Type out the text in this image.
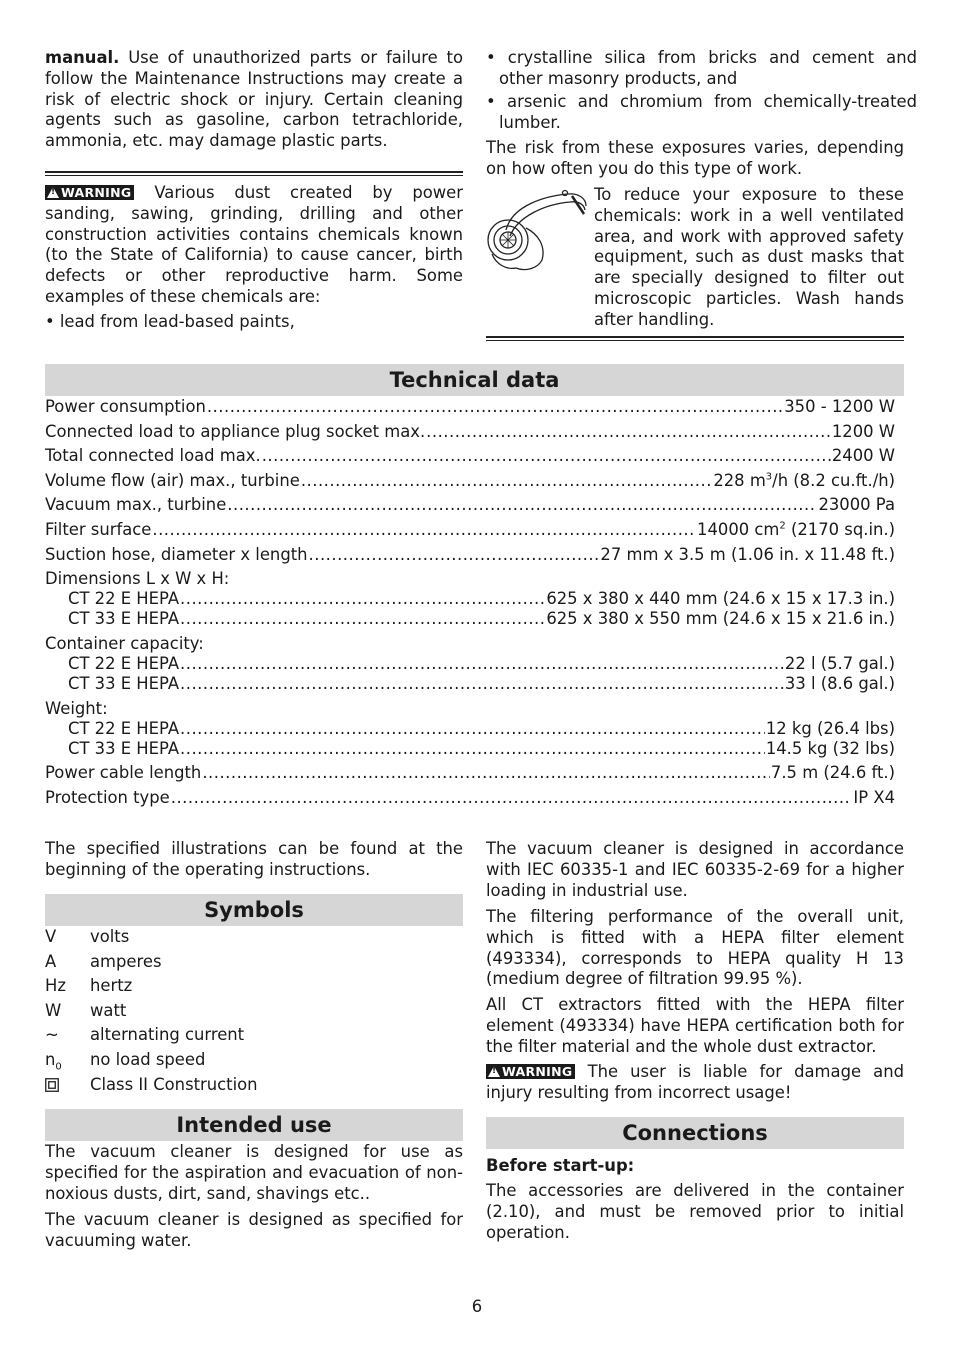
manual. Use of unauthorized parts or failure to follow the Maintenance Instructions may create a risk of electric shock or injury. Certain cleaning agents such as gasoline, carbon tetrachloride, ammonia, etc. may damage plastic parts.
!WARNING Various dust created by power sanding, sawing, grinding, drilling and other construction activities contains chemicals known (to the State of California) to cause cancer, birth defects or other reproductive harm. Some examples of these chemicals are:
• lead from lead-based paints,
• crystalline silica from bricks and cement and other masonry products, and
• arsenic and chromium from chemically-treated lumber.
The risk from these exposures varies, depending on how often you do this type of work.
To reduce your exposure to these chemicals: work in a well ventilated area, and work with approved safety equipment, such as dust masks that are specially designed to filter out microscopic particles. Wash hands after handling.
Technical data
Power consumption .....	350 - 1200 W
Connected load to appliance plug socket max. .....	1200 W
Total connected load max. .....	2400 W
Volume flow (air) max., turbine .....	228 $m^3/h$ (8.2 cu.ft./h)
Vacuum max., turbine .....	23000 Pa
Filter surface .....	14000 $cm^2$ (2170 sq.in.)
Suction hose, diameter x length .....	27 mm x 3.5 m (1.06 in. x 11.48 ft.)
Dimensions L x W x H:
CT 22 E HEPA .....	625 x 380 x 440 mm (24.6 x 15 x 17.3 in.)
CT 33 E HEPA .....	625 x 380 x 550 mm (24.6 x 15 x 21.6 in.)
Container capacity:
CT 22 E HEPA .....	22 l (5.7 gal.)
CT 33 E HEPA .....	33 l (8.6 gal.)
Weight:
CT 22 E HEPA .....	12 kg (26.4 lbs)
CT 33 E HEPA .....	14.5 kg (32 lbs)
Power cable length .....	7.5 m (24.6 ft.)
Protection type .....	IP X4
The specified illustrations can be found at the beginning of the operating instructions.
Symbols
V	volts
A	amperes
Hz	hertz
W	watt
~	alternating current
$n_0$	no load speed
Class II Construction
Intended use
The vacuum cleaner is designed for use as specified for the aspiration and evacuation of non-noxious dusts, dirt, sand, shavings etc..
The vacuum cleaner is designed as specified for vacuuming water.
The vacuum cleaner is designed in accordance with IEC 60335-1 and IEC 60335-2-69 for a higher loading in industrial use.
The filtering performance of the overall unit, which is fitted with a HEPA filter element (493334), corresponds to HEPA quality H 13 (medium degree of filtration 99.95 %).
All CT extractors fitted with the HEPA filter element (493334) have HEPA certification both for the filter material and the whole dust extractor.
!WARNING The user is liable for damage and injury resulting from incorrect usage!
Connections
Before start-up:
The accessories are delivered in the container (2.10), and must be removed prior to initial operation.
6
